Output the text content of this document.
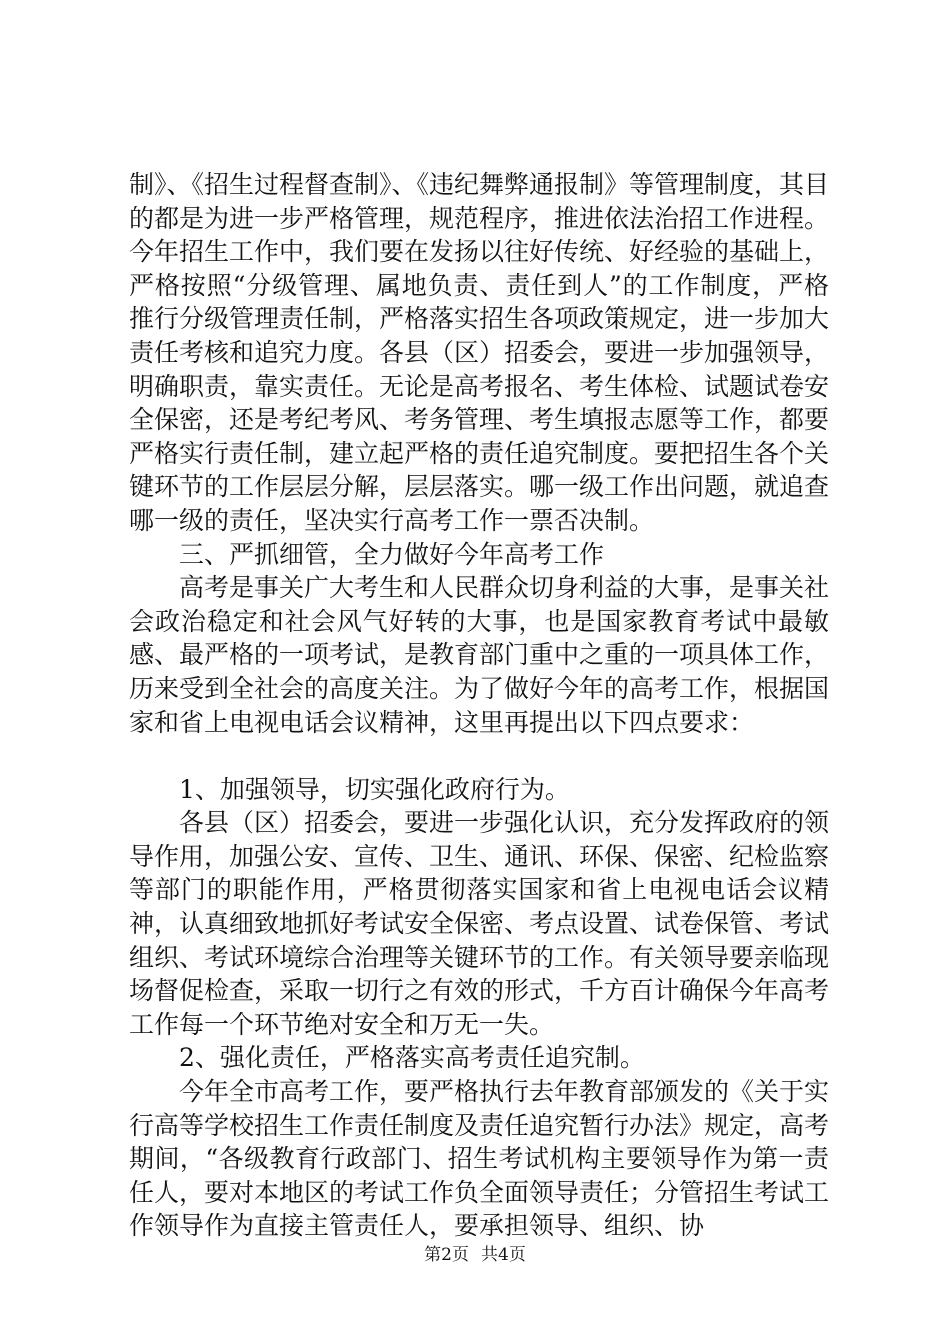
制》、《招生过程督查制》、《违纪舞弊通报制》等管理制度，其目的都是为进一步严格管理，规范程序，推进依法治招工作进程。今年招生工作中，我们要在发扬以往好传统、好经验的基础上，严格按照“分级管理、属地负责、责任到人”的工作制度，严格推行分级管理责任制，严格落实招生各项政策规定，进一步加大责任考核和追究力度。各县（区）招委会，要进一步加强领导，明确职责，靠实责任。无论是高考报名、考生体检、试题试卷安全保密，还是考纪考风、考务管理、考生填报志愿等工作，都要严格实行责任制，建立起严格的责任追究制度。要把招生各个关键环节的工作层层分解，层层落实。哪一级工作出问题，就追查哪一级的责任，坚决实行高考工作一票否决制。

三、严抓细管，全力做好今年高考工作

高考是事关广大考生和人民群众切身利益的大事，是事关社会政治稳定和社会风气好转的大事，也是国家教育考试中最敏感、最严格的一项考试，是教育部门重中之重的一项具体工作，历来受到全社会的高度关注。为了做好今年的高考工作，根据国家和省上电视电话会议精神，这里再提出以下四点要求：

1、加强领导，切实强化政府行为。

各县（区）招委会，要进一步强化认识，充分发挥政府的领导作用，加强公安、宣传、卫生、通讯、环保、保密、纪检监察等部门的职能作用，严格贯彻落实国家和省上电视电话会议精神，认真细致地抓好考试安全保密、考点设置、试卷保管、考试组织、考试环境综合治理等关键环节的工作。有关领导要亲临现场督促检查，采取一切行之有效的形式，千方百计确保今年高考工作每一个环节绝对安全和万无一失。

2、强化责任，严格落实高考责任追究制。

今年全市高考工作，要严格执行去年教育部颁发的《关于实行高等学校招生工作责任制度及责任追究暂行办法》规定，高考期间，“各级教育行政部门、招生考试机构主要领导作为第一责任人，要对本地区的考试工作负全面领导责任；分管招生考试工作领导作为直接主管责任人，要承担领导、组织、协

第2页 共4页
